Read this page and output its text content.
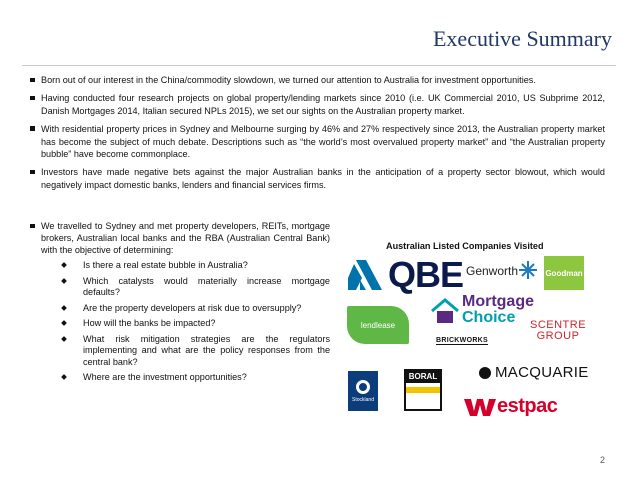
Executive Summary
Born out of our interest in the China/commodity slowdown, we turned our attention to Australia for investment opportunities.
Having conducted four research projects on global property/lending markets since 2010 (i.e. UK Commercial 2010, US Subprime 2012, Danish Mortgages 2014, Italian secured NPLs 2015), we set our sights on the Australian property market.
With residential property prices in Sydney and Melbourne surging by 46% and 27% respectively since 2013, the Australian property market has become the subject of much debate. Descriptions such as “the world’s most overvalued property market” and “the Australian property bubble” have become commonplace.
Investors have made negative bets against the major Australian banks in the anticipation of a property sector blowout, which would negatively impact domestic banks, lenders and financial services firms.
We travelled to Sydney and met property developers, REITs, mortgage brokers, Australian local banks and the RBA (Australian Central Bank) with the objective of determining:
Is there a real estate bubble in Australia?
Which catalysts would materially increase mortgage defaults?
Are the property developers at risk due to oversupply?
How will the banks be impacted?
What risk mitigation strategies are the regulators implementing and what are the policy responses from the central bank?
Where are the investment opportunities?
Australian Listed Companies Visited
QBE Genworth	Goodman
Mortgage
Choice
lendlease
BRICKWORKS
SCENTRE
GROUP
Stockland
BORAL	MACQUARIE
estpac
2
